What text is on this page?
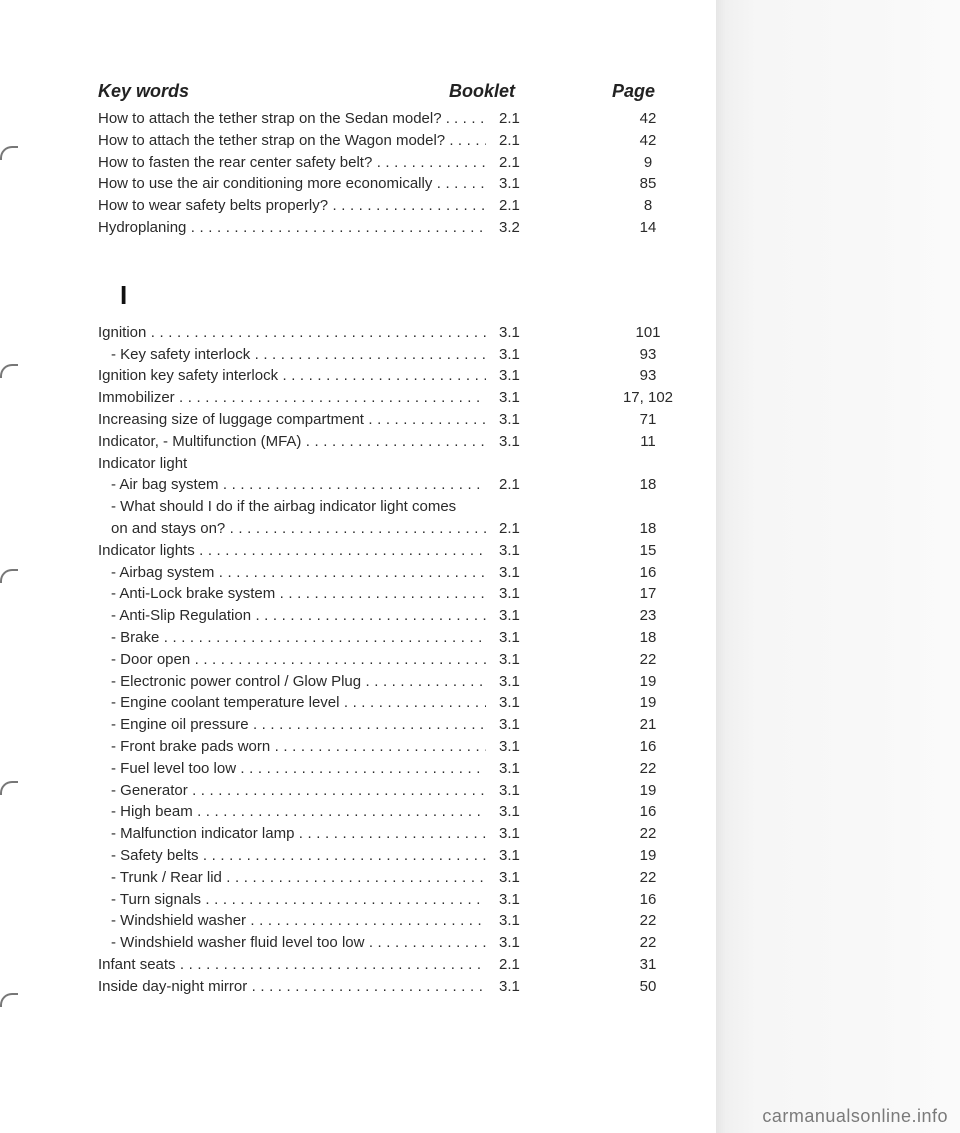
Key words	Booklet	Page
How to attach the tether strap on the Sedan model? . . . . .	2.1	42
How to attach the tether strap on the Wagon model? . . . .	2.1	42
How to fasten the rear center safety belt? . . .	2.1	9
How to use the air conditioning more economically . . .	3.1	85
How to wear safety belts properly? . . .	2.1	8
Hydroplaning . . .	3.2	14
I
Ignition . . .	3.1	101
- Key safety interlock . . .	3.1	93
Ignition key safety interlock . . .	3.1	93
Immobilizer . . .	3.1	17, 102
Increasing size of luggage compartment . . .	3.1	71
Indicator, - Multifunction (MFA) . . .	3.1	11
Indicator light
- Air bag system . . .	2.1	18
- What should I do if the airbag indicator light comes
on and stays on? . . .	2.1	18
Indicator lights . . .	3.1	15
- Airbag system . . .	3.1	16
- Anti-Lock brake system . . .	3.1	17
- Anti-Slip Regulation . . .	3.1	23
- Brake . . .	3.1	18
- Door open . . .	3.1	22
- Electronic power control / Glow Plug . . .	3.1	19
- Engine coolant temperature level . . .	3.1	19
- Engine oil pressure . . .	3.1	21
- Front brake pads worn . . .	3.1	16
- Fuel level too low . . .	3.1	22
- Generator . . .	3.1	19
- High beam . . .	3.1	16
- Malfunction indicator lamp . . .	3.1	22
- Safety belts . . .	3.1	19
- Trunk / Rear lid . . .	3.1	22
- Turn signals . . .	3.1	16
- Windshield washer . . .	3.1	22
- Windshield washer fluid level too low . . .	3.1	22
Infant seats . . .	2.1	31
Inside day-night mirror . . .	3.1	50
carmanualsonline.info
